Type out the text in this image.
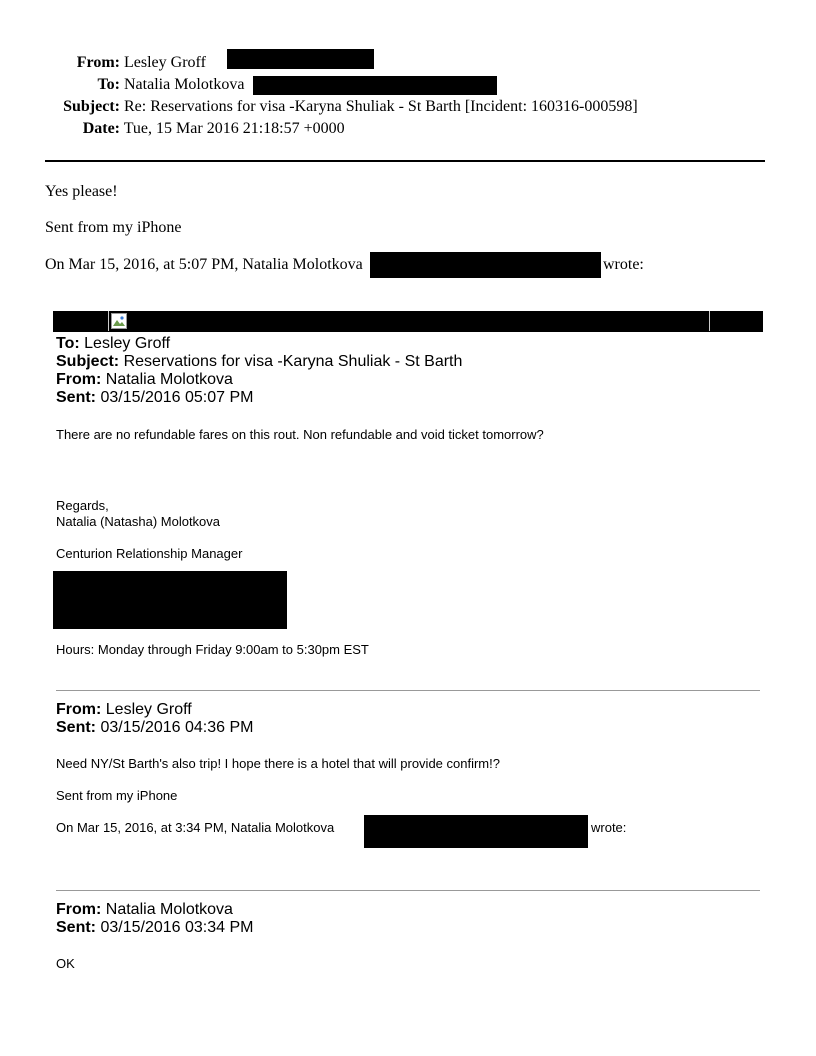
From: Lesley Groff
To: Natalia Molotkova
Subject: Re: Reservations for visa -Karyna Shuliak - St Barth [Incident: 160316-000598]
Date: Tue, 15 Mar 2016 21:18:57 +0000
Yes please!
Sent from my iPhone
On Mar 15, 2016, at 5:07 PM, Natalia Molotkova	wrote:
To: Lesley Groff
Subject: Reservations for visa -Karyna Shuliak - St Barth
From: Natalia Molotkova
Sent: 03/15/2016 05:07 PM
There are no refundable fares on this rout. Non refundable and void ticket tomorrow?
Regards,
Natalia (Natasha) Molotkova
Centurion Relationship Manager
Hours: Monday through Friday 9:00am to 5:30pm EST
From: Lesley Groff
Sent: 03/15/2016 04:36 PM
Need NY/St Barth's also trip! I hope there is a hotel that will provide confirm!?
Sent from my iPhone
On Mar 15, 2016, at 3:34 PM, Natalia Molotkova	wrote:
From: Natalia Molotkova
Sent: 03/15/2016 03:34 PM
OK
